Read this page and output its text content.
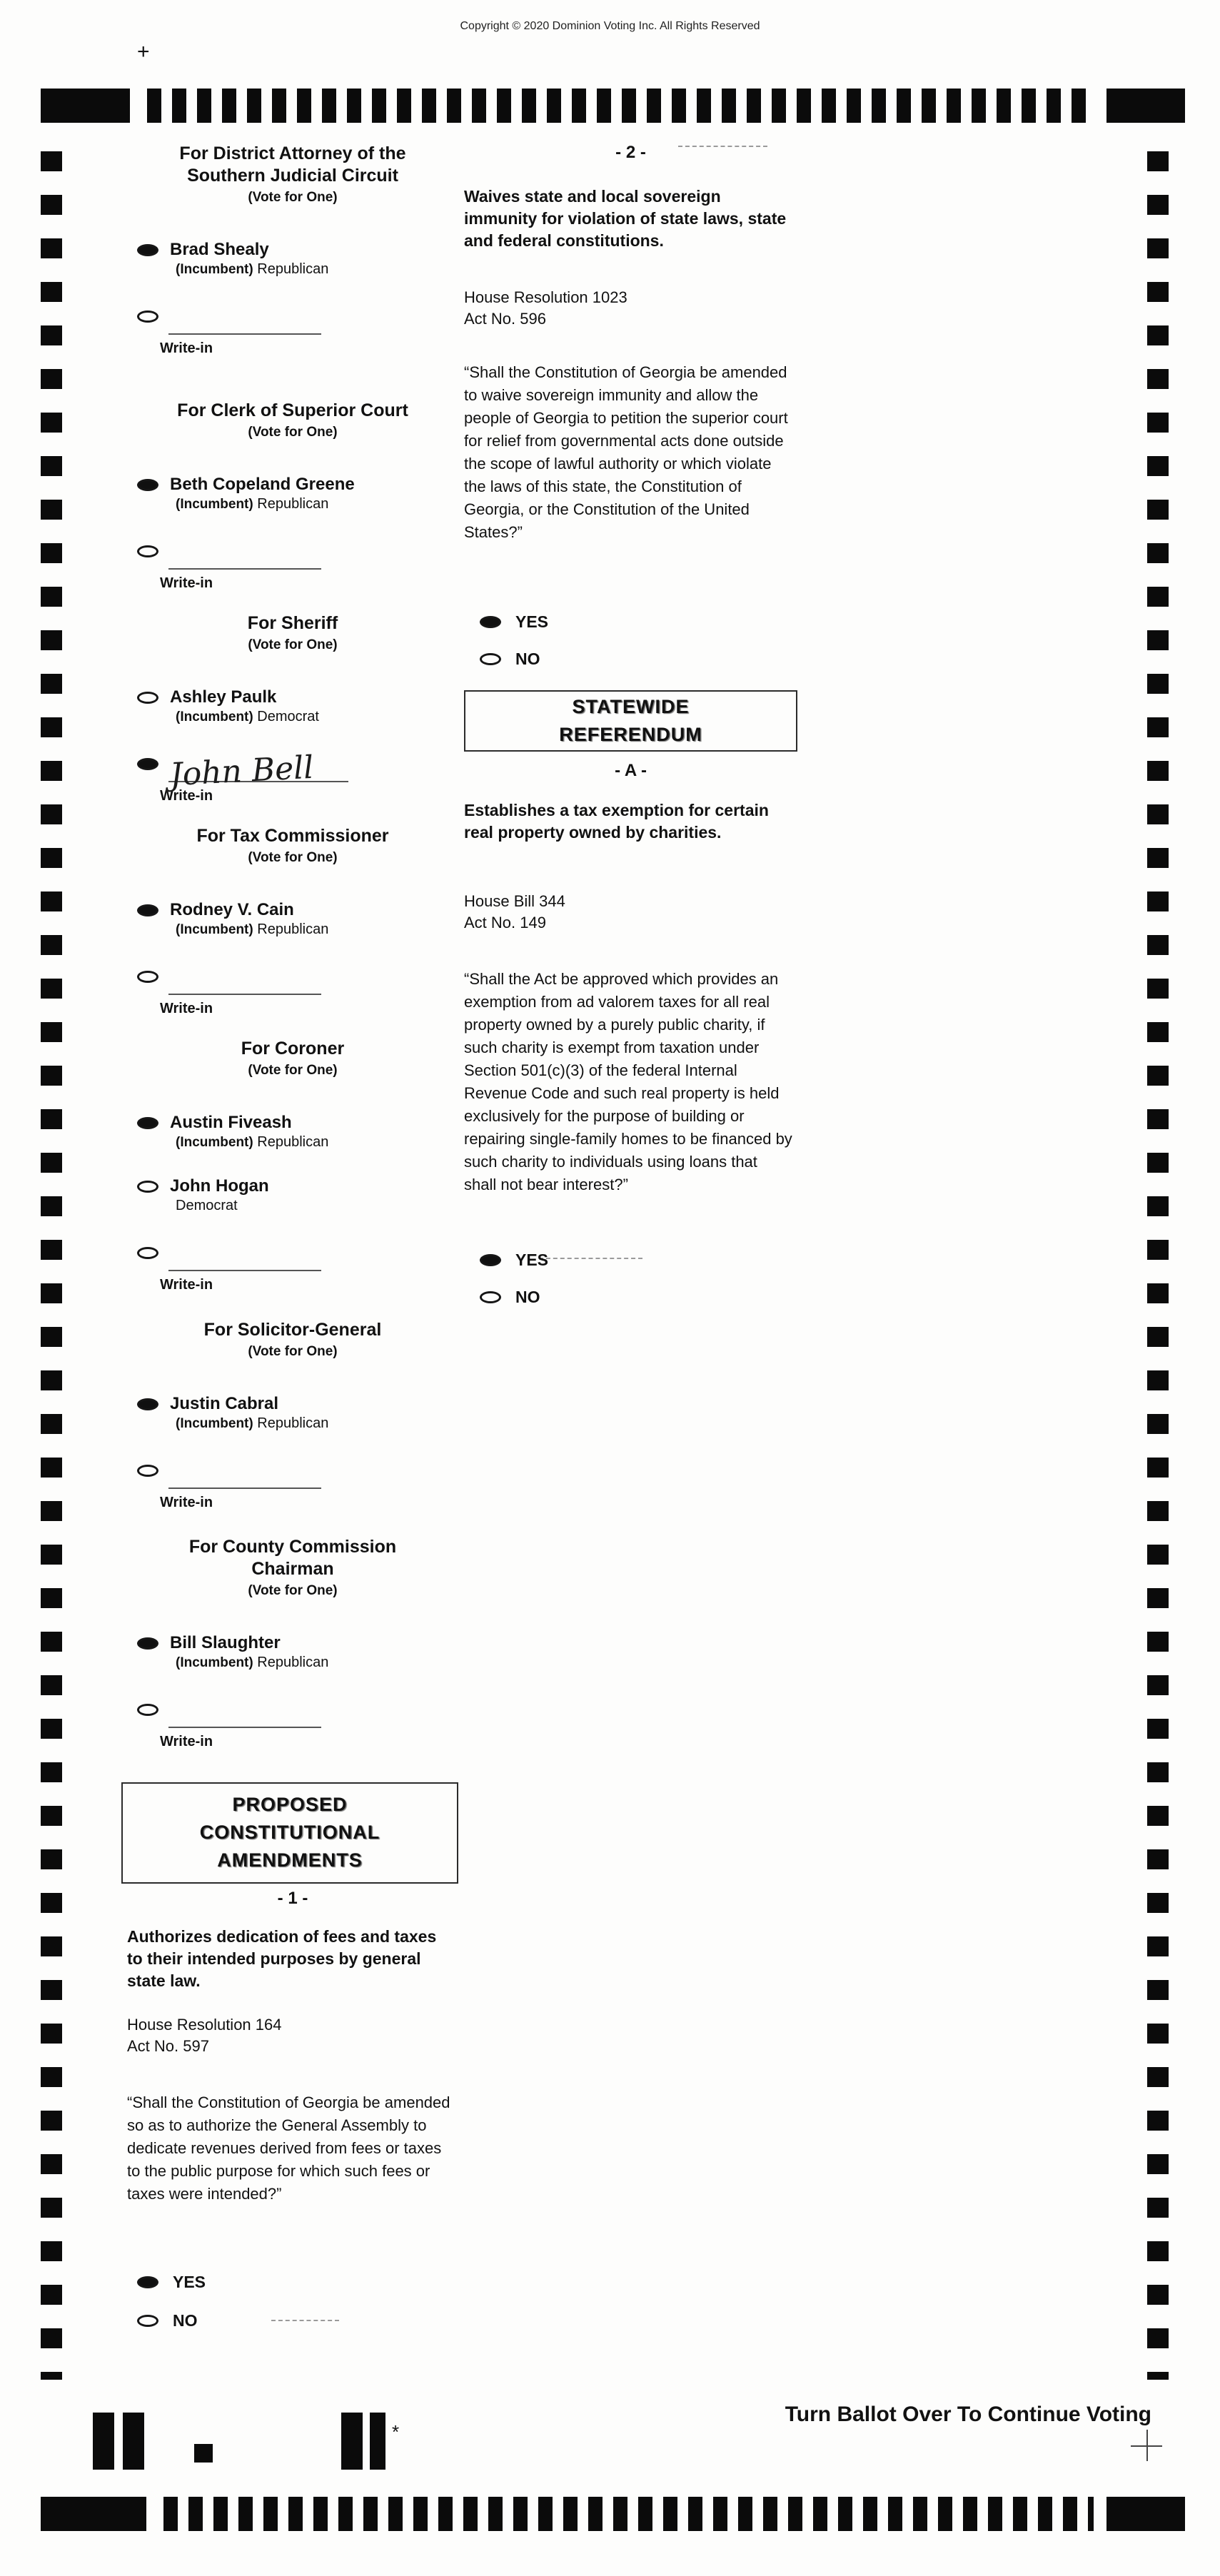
Copyright © 2020 Dominion Voting Inc. All Rights Reserved
+
For District Attorney of the
Southern Judicial Circuit
(Vote for One)
Brad Shealy
(Incumbent) Republican
Write-in
For Clerk of Superior Court
(Vote for One)
Beth Copeland Greene
(Incumbent) Republican
Write-in
For Sheriff
(Vote for One)
Ashley Paulk
(Incumbent) Democrat
John Bell
Write-in
For Tax Commissioner
(Vote for One)
Rodney V. Cain
(Incumbent) Republican
Write-in
For Coroner
(Vote for One)
Austin Fiveash
(Incumbent) Republican
John Hogan
Democrat
Write-in
For Solicitor-General
(Vote for One)
Justin Cabral
(Incumbent) Republican
Write-in
For County Commission
Chairman
(Vote for One)
Bill Slaughter
(Incumbent) Republican
Write-in
PROPOSED
CONSTITUTIONAL
AMENDMENTS
- 1 -
Authorizes dedication of fees and taxes to their intended purposes by general state law.
House Resolution 164
Act No. 597
“Shall the Constitution of Georgia be amended so as to authorize the General Assembly to dedicate revenues derived from fees or taxes to the public purpose for which such fees or taxes were intended?”
YES
NO
- 2 -
Waives state and local sovereign immunity for violation of state laws, state and federal constitutions.
House Resolution 1023
Act No. 596
“Shall the Constitution of Georgia be amended to waive sovereign immunity and allow the people of Georgia to petition the superior court for relief from governmental acts done outside the scope of lawful authority or which violate the laws of this state, the Constitution of Georgia, or the Constitution of the United States?”
YES
NO
STATEWIDE
REFERENDUM
- A -
Establishes a tax exemption for certain real property owned by charities.
House Bill 344
Act No. 149
“Shall the Act be approved which provides an exemption from ad valorem taxes for all real property owned by a purely public charity, if such charity is exempt from taxation under Section 501(c)(3) of the federal Internal Revenue Code and such real property is held exclusively for the purpose of building or repairing single-family homes to be financed by such charity to individuals using loans that shall not bear interest?”
YES
NO
Turn Ballot Over To Continue Voting
*
